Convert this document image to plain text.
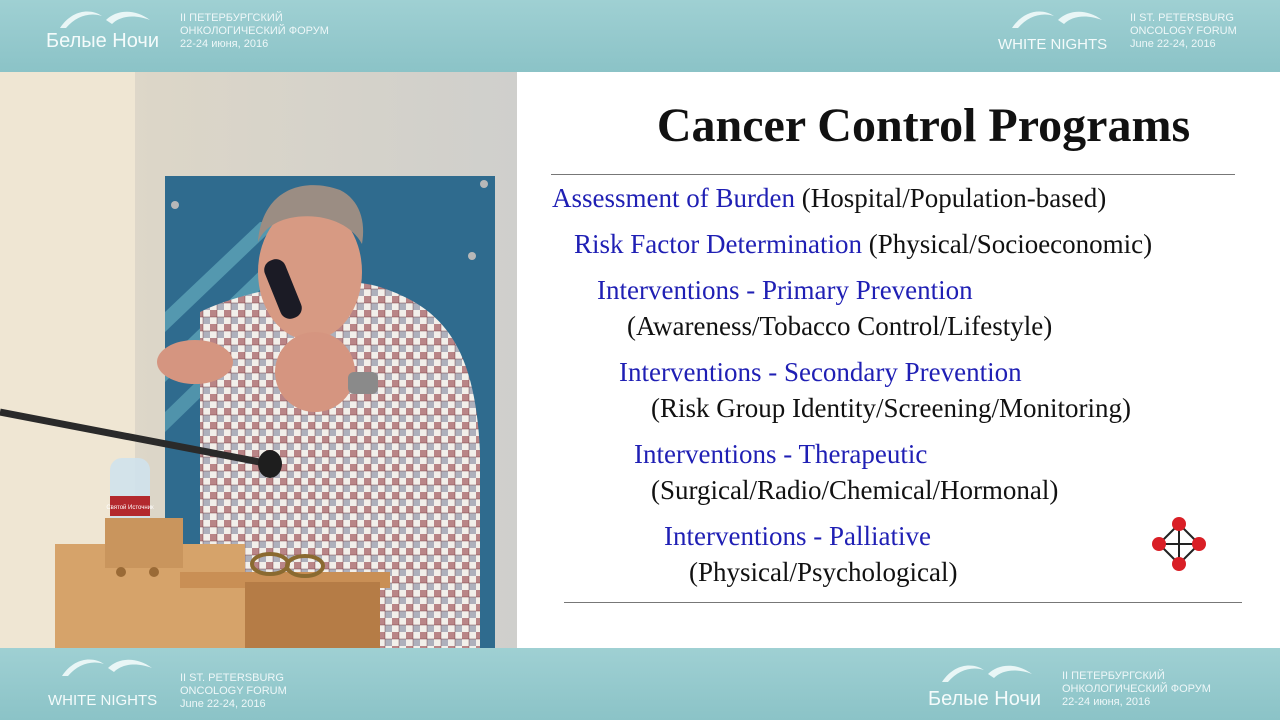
Белые Ночи
II ПЕТЕРБУРГСКИЙ
ОНКОЛОГИЧЕСКИЙ ФОРУМ
22-24 июня, 2016	WHITE NIGHTS
II ST. PETERSBURG
ONCOLOGY FORUM
June 22-24, 2016
Святой Источник
Cancer Control Programs
Assessment of Burden (Hospital/Population-based)
Risk Factor Determination (Physical/Socioeconomic)
Interventions - Primary Prevention
(Awareness/Tobacco Control/Lifestyle)
Interventions - Secondary Prevention
(Risk Group Identity/Screening/Monitoring)
Interventions - Therapeutic
(Surgical/Radio/Chemical/Hormonal)
Interventions - Palliative
(Physical/Psychological)
WHITE NIGHTS
II ST. PETERSBURG
ONCOLOGY FORUM
June 22-24, 2016	Белые Ночи
II ПЕТЕРБУРГСКИЙ
ОНКОЛОГИЧЕСКИЙ ФОРУМ
22-24 июня, 2016
